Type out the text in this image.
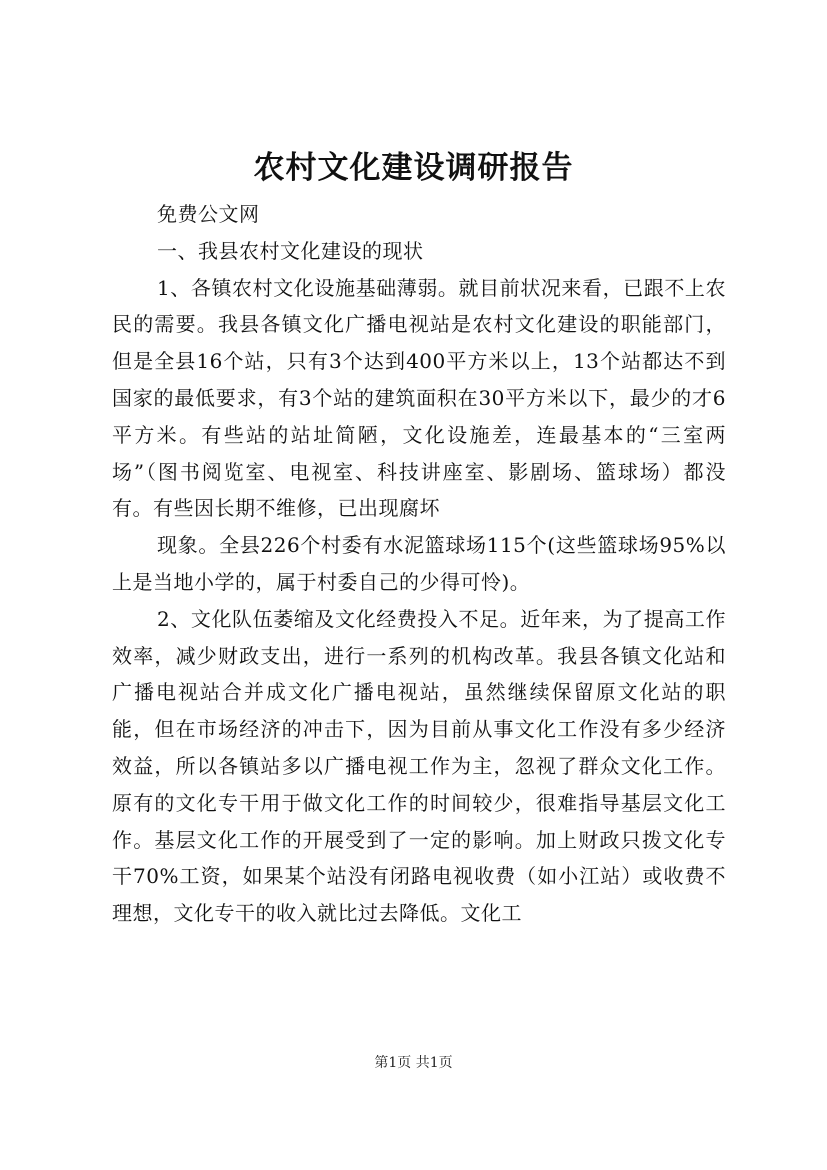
农村文化建设调研报告

免费公文网

一、我县农村文化建设的现状

1、各镇农村文化设施基础薄弱。就目前状况来看，已跟不上农民的需要。我县各镇文化广播电视站是农村文化建设的职能部门，但是全县16个站，只有3个达到400平方米以上，13个站都达不到国家的最低要求，有3个站的建筑面积在30平方米以下，最少的才6平方米。有些站的站址简陋，文化设施差，连最基本的“三室两场”（图书阅览室、电视室、科技讲座室、影剧场、篮球场）都没有。有些因长期不维修，已出现腐坏

现象。全县226个村委有水泥篮球场115个(这些篮球场95%以上是当地小学的，属于村委自己的少得可怜)。

2、文化队伍萎缩及文化经费投入不足。近年来，为了提高工作效率，减少财政支出，进行一系列的机构改革。我县各镇文化站和广播电视站合并成文化广播电视站，虽然继续保留原文化站的职能，但在市场经济的冲击下，因为目前从事文化工作没有多少经济效益，所以各镇站多以广播电视工作为主，忽视了群众文化工作。原有的文化专干用于做文化工作的时间较少，很难指导基层文化工作。基层文化工作的开展受到了一定的影响。加上财政只拨文化专干70%工资，如果某个站没有闭路电视收费（如小江站）或收费不理想，文化专干的收入就比过去降低。文化工

第1页 共1页
